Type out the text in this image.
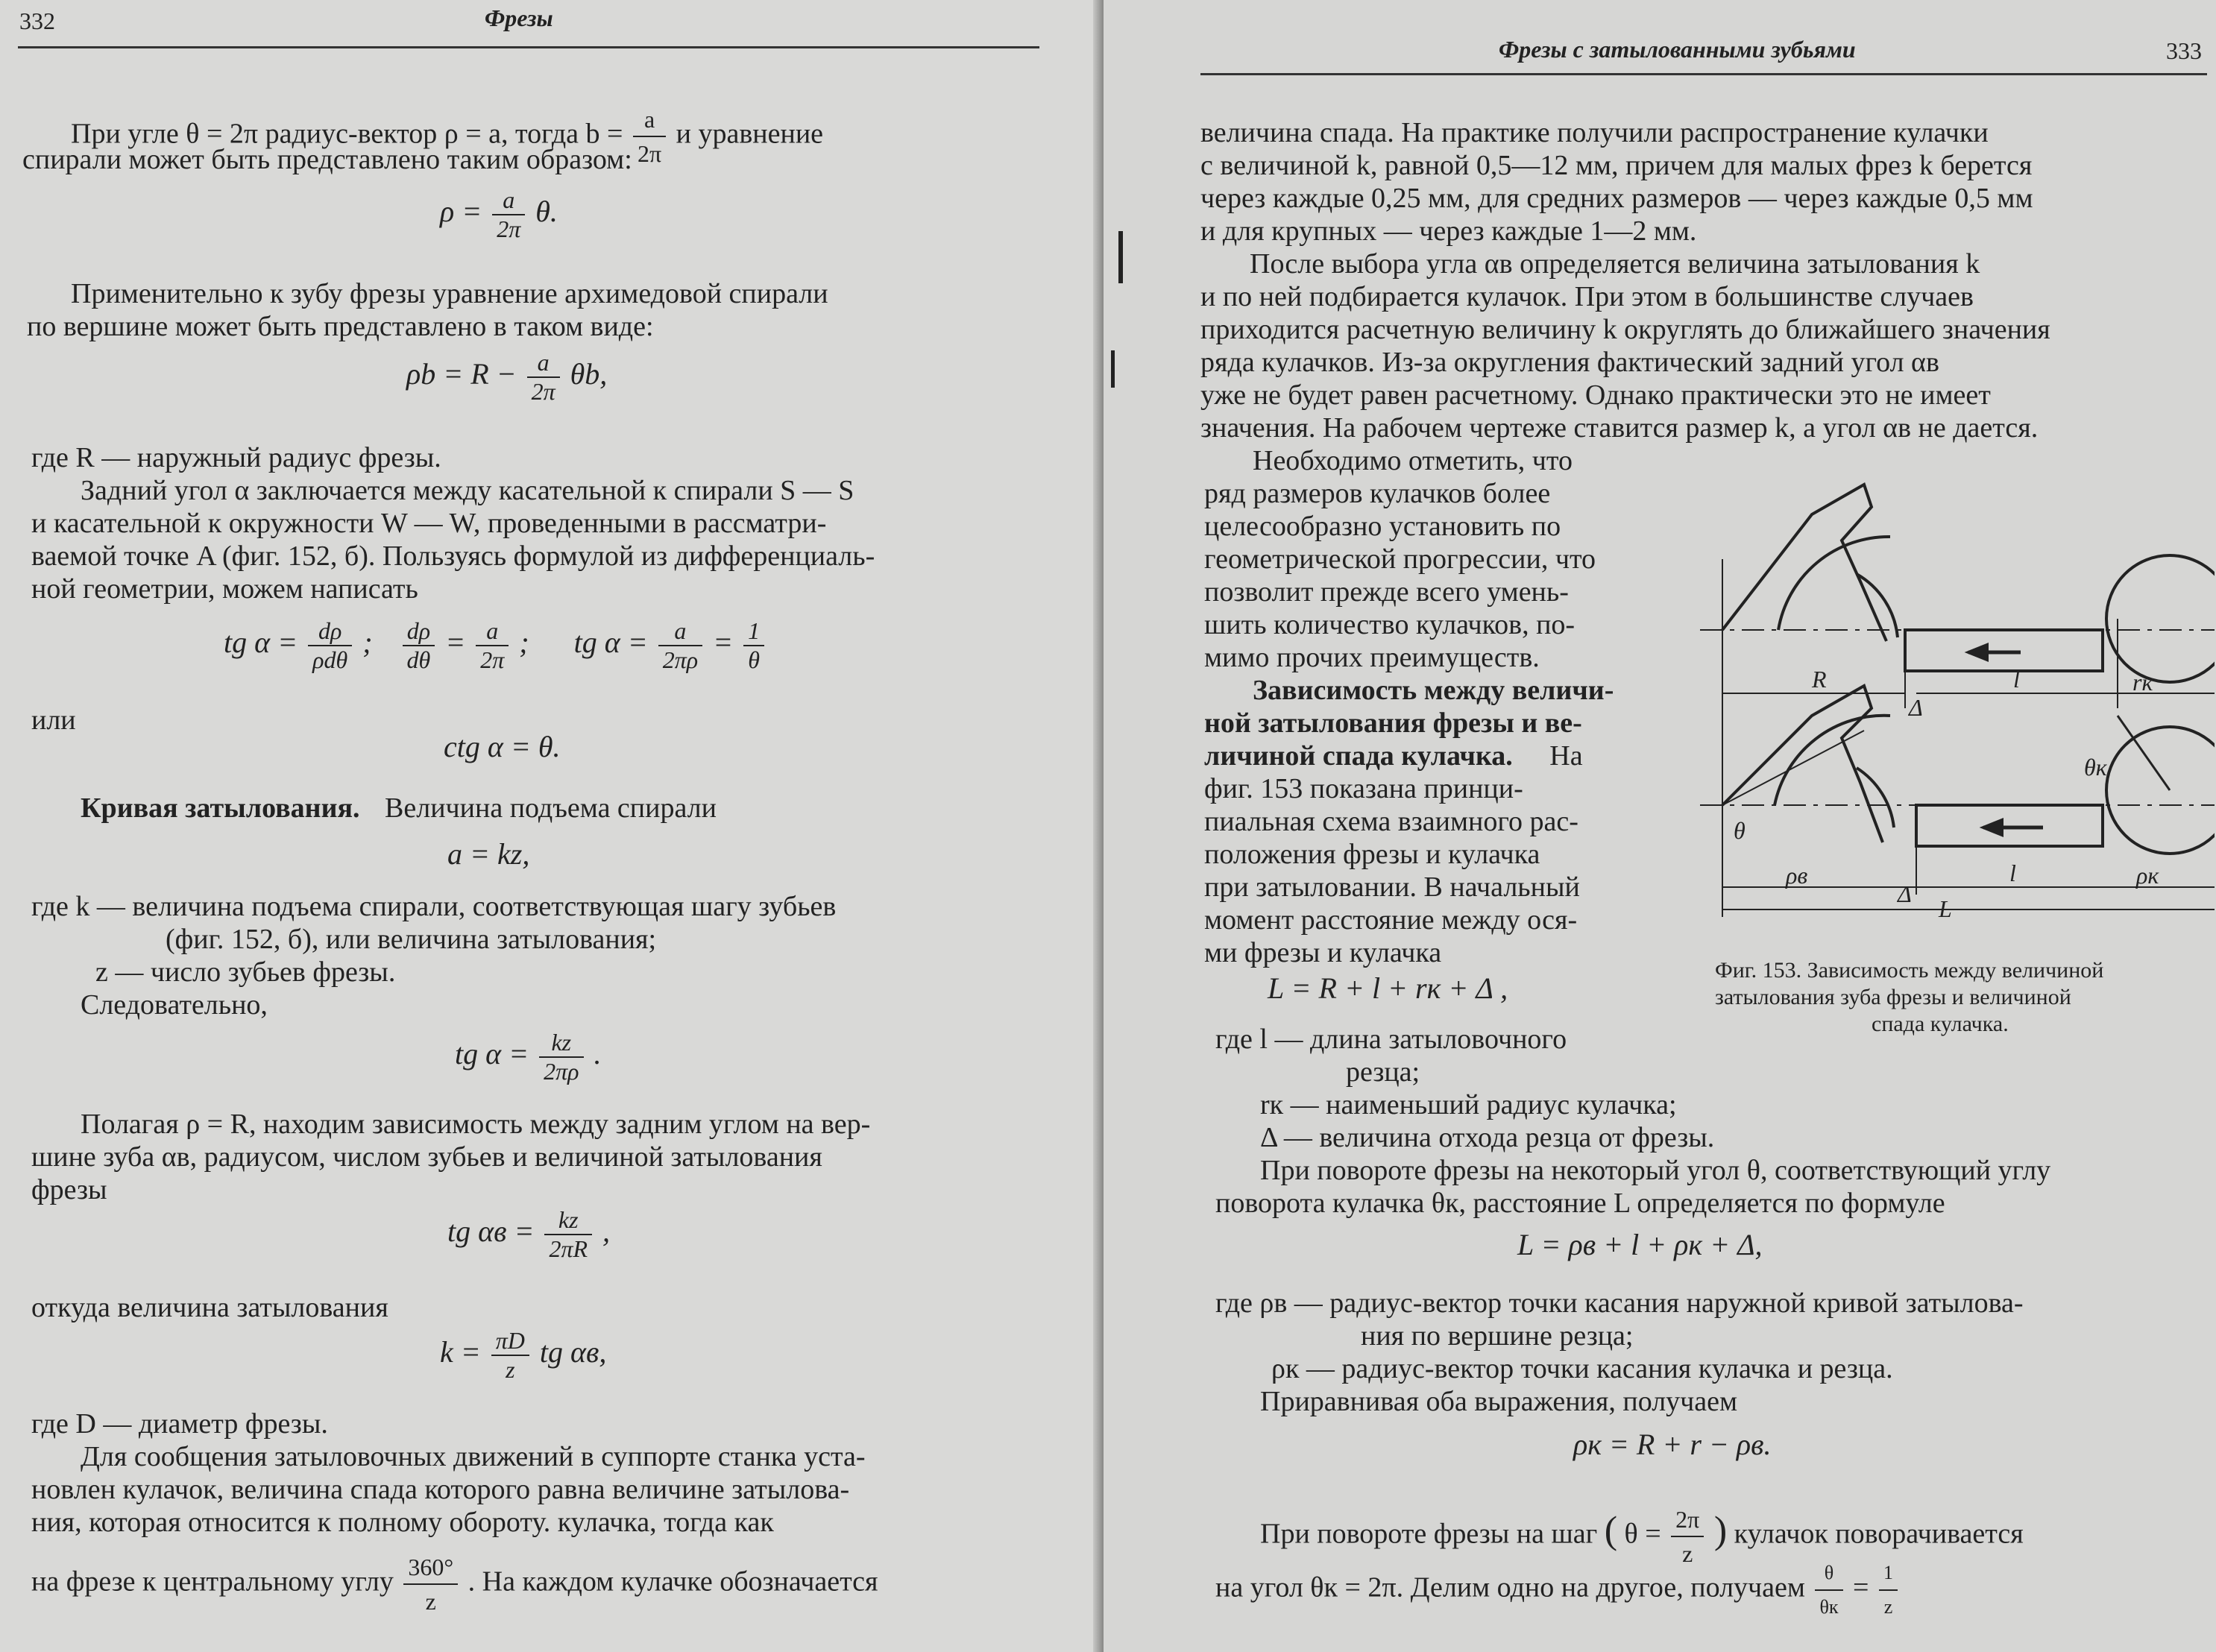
332	Фрезы
При угле θ = 2π радиус-вектор ρ = a, тогда $b = \frac{a}{2\pi}$ и уравнение
спирали может быть представлено таким образом:
$\rho = \frac{a}{2\pi} \theta$.
Применительно к зубу фрезы уравнение архимедовой спирали
по вершине может быть представлено в таком виде:
$\rho b = R - \frac{a}{2\pi} \theta b$,
где R — наружный радиус фрезы.
Задний угол α заключается между касательной к спирали S — S
и касательной к окружности W — W, проведенными в рассматри-
ваемой точке A (фиг. 152, б). Пользуясь формулой из дифференциаль-
ной геометрии, можем написать
tg $\alpha = \frac{d\rho}{\text{ρdθ}}$ ; $\frac{d\rho}{d\theta} = \frac{a}{2\pi}$ ; tg $\alpha = \frac{a}{2\pi\rho} = \frac{1}{\theta}$
или
ctg α = θ.
Кривая затылования. Величина подъема спирали
a = kz,
где k — величина подъема спирали, соответствующая шагу зубьев
(фиг. 152, б), или величина затылования;
z — число зубьев фрезы.
Следовательно,
tg $\alpha = \frac{kz}{2\pi\rho}$ .
Полагая ρ = R, находим зависимость между задним углом на вер-
шине зуба αв, радиусом, числом зубьев и величиной затылования
фрезы
tg $\alpha в = \frac{kz}{2\pi R}$ ,
откуда величина затылования
$k = \frac{\pi D}{z}$ tg αв,
где D — диаметр фрезы.
Для сообщения затыловочных движений в суппорте станка уста-
новлен кулачок, величина спада которого равна величине затылова-
ния, которая относится к полному обороту. кулачка, тогда как
на фрезе к центральному углу $\frac{360^\circ}{z}$ . На каждом кулачке обозначается
Фрезы с затылованными зубьями	333
величина спада. На практике получили распространение кулачки
с величиной k, равной 0,5—12 мм, причем для малых фрез k берется
через каждые 0,25 мм, для средних размеров — через каждые 0,5 мм
и для крупных — через каждые 1—2 мм.
После выбора угла αв определяется величина затылования k
и по ней подбирается кулачок. При этом в большинстве случаев
приходится расчетную величину k округлять до ближайшего значения
ряда кулачков. Из-за округления фактический задний угол αв
уже не будет равен расчетному. Однако практически это не имеет
значения. На рабочем чертеже ставится размер k, а угол αв не дается.
Необходимо отметить, что
ряд размеров кулачков более
целесообразно установить по
геометрической прогрессии, что
позволит прежде всего умень-
шить количество кулачков, по-
мимо прочих преимуществ.
Зависимость между величи-
ной затылования фрезы и ве-
личиной спада кулачка. На
фиг. 153 показана принци-
пиальная схема взаимного рас-
положения фрезы и кулачка
при затыловании. В начальный
момент расстояние между ося-
ми фрезы и кулачка
L = R + l + rк + Δ ,
где l — длина затыловочного
резца;
rк — наименьший радиус кулачка;
Δ — величина отхода резца от фрезы.
При повороте фрезы на некоторый угол θ, соответствующий углу
поворота кулачка θк, расстояние L определяется по формуле
L = ρв + l + ρк + Δ,
где ρв — радиус-вектор точки касания наружной кривой затылова-
ния по вершине резца;
ρк — радиус-вектор точки касания кулачка и резца.
Приравнивая оба выражения, получаем
ρк = R + r − ρв.
При повороте фрезы на шаг ( $\theta = \frac{2\pi}{z}$ ) кулачок поворачивается
на угол θк = 2π. Делим одно на другое, получаем $\frac{\theta}{\theta к} = \frac{1}{z}$
R
Δ
l	rк
θк
θ
ρв
Δ
l	ρк
L
Фиг. 153. Зависимость между величиной
затылования зуба фрезы и величиной
спада кулачка.
